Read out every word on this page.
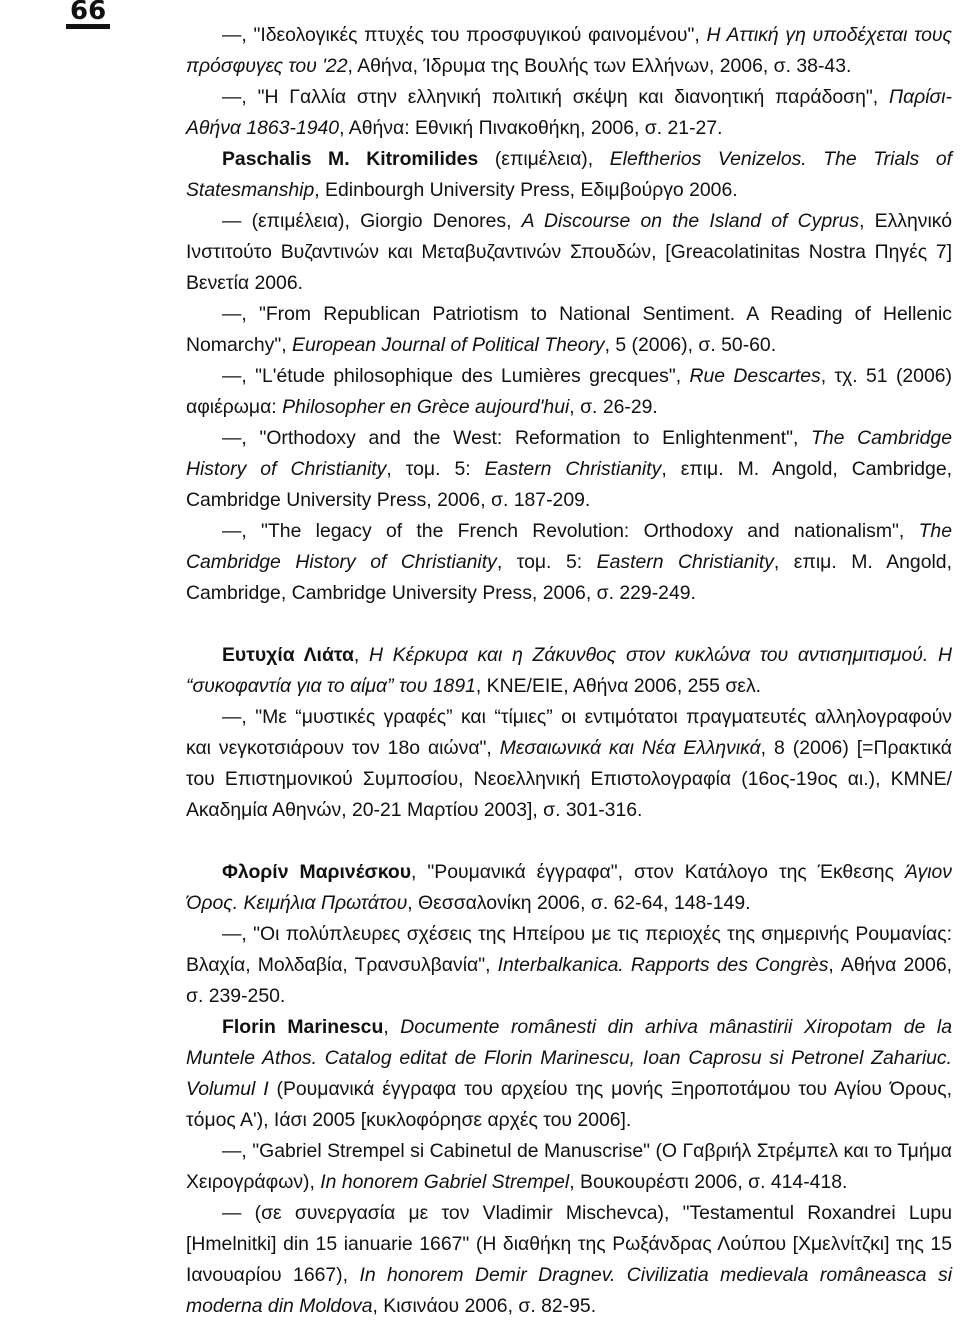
66

—, "Ιδεολογικές πτυχές του προσφυγικού φαινομένου", Η Αττική γη υποδέχεται τους πρόσφυγες του '22, Αθήνα, Ίδρυμα της Βουλής των Ελλήνων, 2006, σ. 38-43.

—, "Η Γαλλία στην ελληνική πολιτική σκέψη και διανοητική παράδοση", Παρίσι-Αθήνα 1863-1940, Αθήνα: Εθνική Πινακοθήκη, 2006, σ. 21-27.

Paschalis M. Kitromilides (επιμέλεια), Eleftherios Venizelos. The Trials of Statesmanship, Edinbourgh University Press, Εδιμβούργο 2006.

— (επιμέλεια), Giorgio Denores, A Discourse on the Island of Cyprus, Ελληνικό Ινστιτούτο Βυζαντινών και Μεταβυζαντινών Σπουδών, [Greacolatinitas Nostra Πηγές 7] Βενετία 2006.

—, "From Republican Patriotism to National Sentiment. A Reading of Hellenic Nomarchy", European Journal of Political Theory, 5 (2006), σ. 50-60.

—, "L'étude philosophique des Lumières grecques", Rue Descartes, τχ. 51 (2006) αφιέρωμα: Philosopher en Grèce aujourd'hui, σ. 26-29.

—, "Orthodoxy and the West: Reformation to Enlightenment", The Cambridge History of Christianity, τομ. 5: Eastern Christianity, επιμ. M. Angold, Cambridge, Cambridge University Press, 2006, σ. 187-209.

—, "The legacy of the French Revolution: Orthodoxy and nationalism", The Cambridge History of Christianity, τομ. 5: Eastern Christianity, επιμ. M. Angold, Cambridge, Cambridge University Press, 2006, σ. 229-249.

Ευτυχία Λιάτα, Η Κέρκυρα και η Ζάκυνθος στον κυκλώνα του αντισημιτισμού. Η “συκοφαντία για το αίμα” του 1891, ΚΝΕ/ΕΙΕ, Αθήνα 2006, 255 σελ.

—, "Με “μυστικές γραφές” και “τίμιες” οι εντιμότατοι πραγματευτές αλληλογραφούν και νεγκοτσιάρουν τον 18ο αιώνα", Μεσαιωνικά και Νέα Ελληνικά, 8 (2006) [=Πρακτικά του Επιστημονικού Συμποσίου, Νεοελληνική Επιστολογραφία (16ος-19ος αι.), ΚΜΝΕ/Ακαδημία Αθηνών, 20-21 Μαρτίου 2003], σ. 301-316.

Φλορίν Μαρινέσκου, "Ρουμανικά έγγραφα", στον Κατάλογο της Έκθεσης Άγιον Όρος. Κειμήλια Πρωτάτου, Θεσσαλονίκη 2006, σ. 62-64, 148-149.

—, "Οι πολύπλευρες σχέσεις της Ηπείρου με τις περιοχές της σημερινής Ρουμανίας: Βλαχία, Μολδαβία, Τρανσυλβανία", Interbalkanica. Rapports des Congrès, Αθήνα 2006, σ. 239-250.

Florin Marinescu, Documente românesti din arhiva mânastirii Xiropotam de la Muntele Athos. Catalog editat de Florin Marinescu, Ioan Caprosu si Petronel Zahariuc. Volumul I (Ρουμανικά έγγραφα του αρχείου της μονής Ξηροποτάμου του Αγίου Όρους, τόμος Α'), Ιάσι 2005 [κυκλοφόρησε αρχές του 2006].

—, "Gabriel Strempel si Cabinetul de Manuscrise" (Ο Γαβριήλ Στρέμπελ και το Τμήμα Χειρογράφων), In honorem Gabriel Strempel, Βουκουρέστι 2006, σ. 414-418.

— (σε συνεργασία με τον Vladimir Mischevca), "Testamentul Roxandrei Lupu [Hmelnitki] din 15 ianuarie 1667" (Η διαθήκη της Ρωξάνδρας Λούπου [Χμελνίτζκι] της 15 Ιανουαρίου 1667), In honorem Demir Dragnev. Civilizatia medievala româneasca si moderna din Moldova, Κισινάου 2006, σ. 82-95.
